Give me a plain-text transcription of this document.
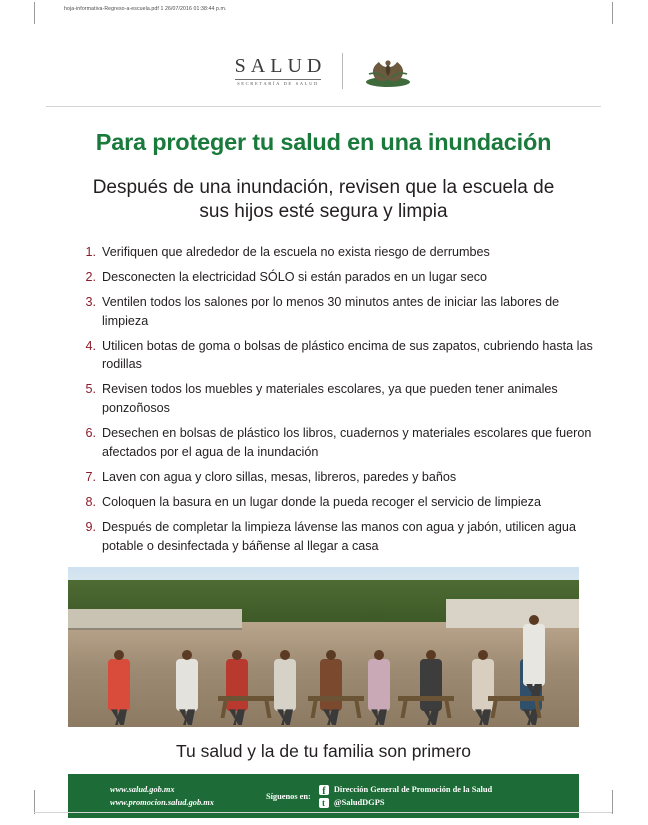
hoja-informativa-Regreso-a-escuela.pdf 1 26/07/2016 01:38:44 p.m.
SALUD
SECRETARÍA DE SALUD
Para proteger tu salud en una inundación
Después de una inundación, revisen que la escuela de sus hijos esté segura y limpia
1. Verifiquen que alrededor de la escuela no exista riesgo de derrumbes
2. Desconecten la electricidad SÓLO si están parados en un lugar seco
3. Ventilen todos los salones por lo menos 30 minutos antes de iniciar las labores de limpieza
4. Utilicen botas de goma o bolsas de plástico encima de sus zapatos, cubriendo hasta las rodillas
5. Revisen todos los muebles y materiales escolares, ya que pueden tener animales ponzoñosos
6. Desechen en bolsas de plástico los libros, cuadernos y materiales escolares que fueron afectados por el agua de la inundación
7. Laven con agua y cloro sillas, mesas, libreros, paredes y baños
8. Coloquen la basura en un lugar donde la pueda recoger el servicio de limpieza
9. Después de completar la limpieza lávense las manos con agua y jabón, utilicen agua potable o desinfectada y báñense al llegar a casa
Tu salud y la de tu familia son primero
www.salud.gob.mx
www.promocion.salud.gob.mx
Síguenos en:
f
Dirección General de Promoción de la Salud
t
@SaludDGPS
